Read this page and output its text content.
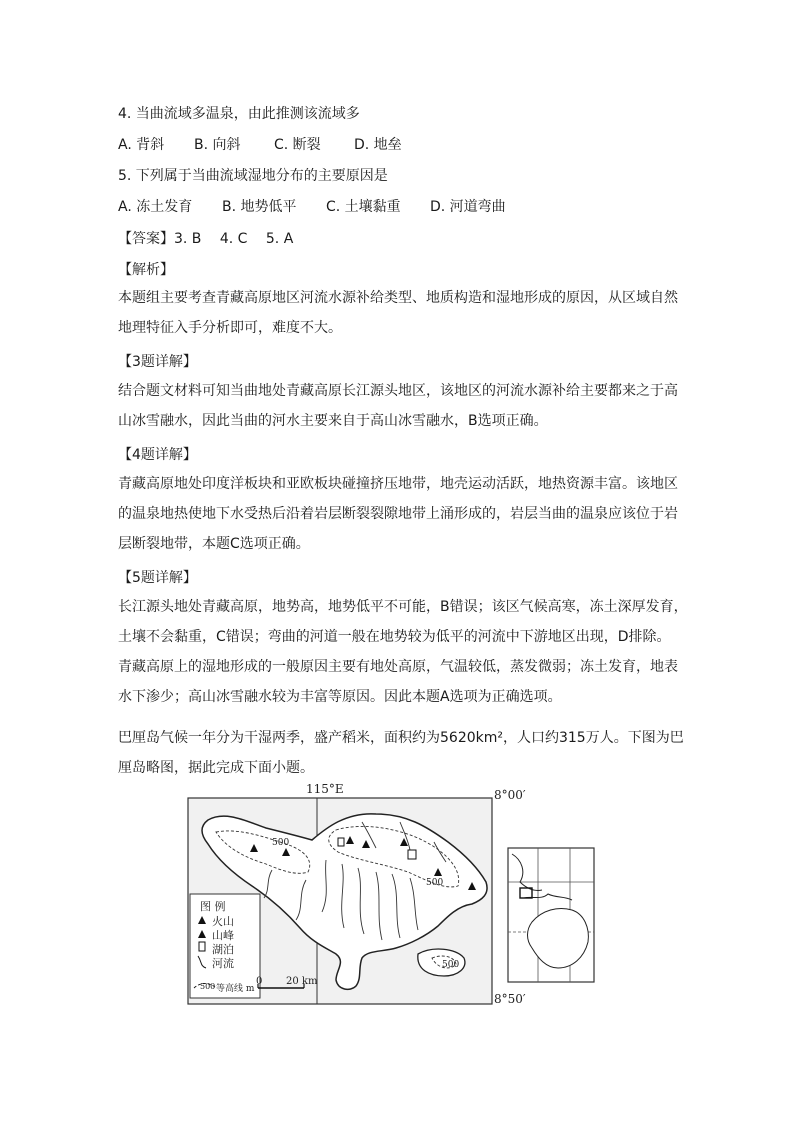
4. 当曲流域多温泉，由此推测该流域多
A. 背斜 B. 向斜 C. 断裂 D. 地垒
5. 下列属于当曲流域湿地分布的主要原因是
A. 冻土发育 B. 地势低平 C. 土壤黏重 D. 河道弯曲
【答案】3. B　 4. C　 5. A
【解析】
本题组主要考查青藏高原地区河流水源补给类型、地质构造和湿地形成的原因，从区域自然
地理特征入手分析即可，难度不大。
【3题详解】
结合题文材料可知当曲地处青藏高原长江源头地区，该地区的河流水源补给主要都来之于高
山冰雪融水，因此当曲的河水主要来自于高山冰雪融水，B选项正确。
【4题详解】
青藏高原地处印度洋板块和亚欧板块碰撞挤压地带，地壳运动活跃，地热资源丰富。该地区
的温泉地热使地下水受热后沿着岩层断裂裂隙地带上涌形成的，岩层当曲的温泉应该位于岩
层断裂地带，本题C选项正确。
【5题详解】
长江源头地处青藏高原，地势高，地势低平不可能，B错误；该区气候高寒，冻土深厚发育，
土壤不会黏重，C错误；弯曲的河道一般在地势较为低平的河流中下游地区出现，D排除。
青藏高原上的湿地形成的一般原因主要有地处高原，气温较低，蒸发微弱；冻土发育，地表
水下渗少；高山冰雪融水较为丰富等原因。因此本题A选项为正确选项。
巴厘岛气候一年分为干湿两季，盛产稻米，面积约为5620km²，人口约315万人。下图为巴
厘岛略图，据此完成下面小题。
115°E	8°00′
8°50′
500
500
500
图 例
火山
山峰
湖泊
河流
500 等高线 m
0 20 km
